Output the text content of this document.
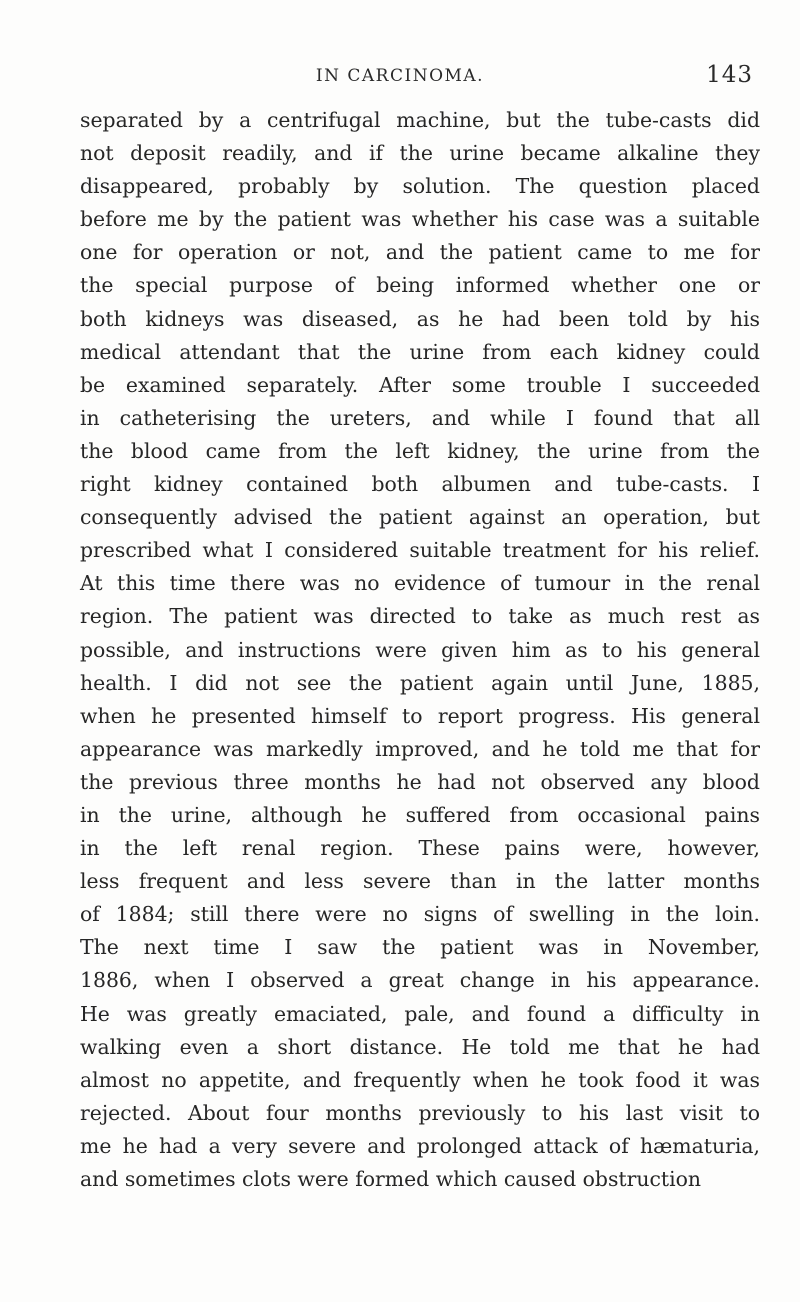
IN CARCINOMA.	143
separated by a centrifugal machine, but the tube-casts did
not deposit readily, and if the urine became alkaline they
disappeared, probably by solution. The question placed
before me by the patient was whether his case was a suitable
one for operation or not, and the patient came to me for
the special purpose of being informed whether one or
both kidneys was diseased, as he had been told by his
medical attendant that the urine from each kidney could
be examined separately. After some trouble I succeeded
in catheterising the ureters, and while I found that all
the blood came from the left kidney, the urine from the
right kidney contained both albumen and tube-casts. I
consequently advised the patient against an operation, but
prescribed what I considered suitable treatment for his relief.
At this time there was no evidence of tumour in the renal
region. The patient was directed to take as much rest as
possible, and instructions were given him as to his general
health. I did not see the patient again until June, 1885,
when he presented himself to report progress. His general
appearance was markedly improved, and he told me that for
the previous three months he had not observed any blood
in the urine, although he suffered from occasional pains
in the left renal region. These pains were, however,
less frequent and less severe than in the latter months
of 1884; still there were no signs of swelling in the loin.
The next time I saw the patient was in November,
1886, when I observed a great change in his appearance.
He was greatly emaciated, pale, and found a difficulty in
walking even a short distance. He told me that he had
almost no appetite, and frequently when he took food it was
rejected. About four months previously to his last visit to
me he had a very severe and prolonged attack of hæmaturia,
and sometimes clots were formed which caused obstruction
